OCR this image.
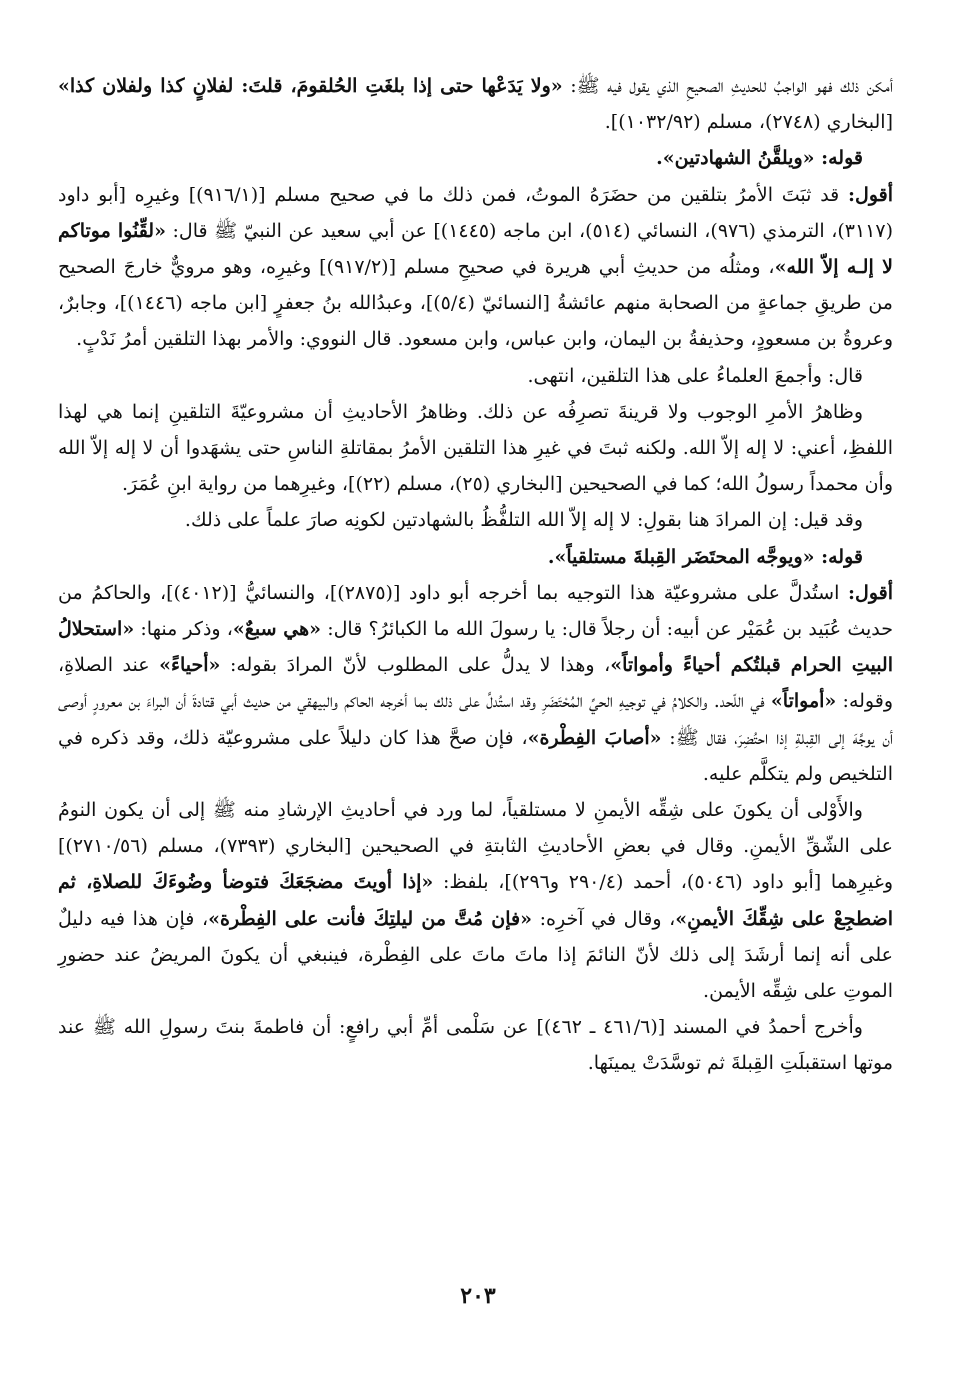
أمكن ذلك فهو الواجبُ للحديثِ الصحيحِ الذي يقول فيه ﷺ: «ولا يَدَعْها حتى إذا بلغَتِ الحُلقومَ، قلتَ: لفلانٍ كذا ولفلان كذا» [البخاري (٢٧٤٨)، مسلم (١٠٣٢/٩٢)].

قوله: «ويلقَّنُ الشهادتين».

أقول: قد ثبَتَ الأمرُ بتلقين من حضَرَهُ الموتُ، فمن ذلك ما في صحيح مسلم [(٩١٦/١)] وغيرِه [أبو داود (٣١١٧)، الترمذي (٩٧٦)، النسائي (٥١٤)، ابن ماجه (١٤٤٥)] عن أبي سعيد عن النبيّ ﷺ قال: «لقِّنُوا موتاكم لا إلـه إلاّ الله»، ومثلُه من حديثِ أبي هريرة في صحيحِ مسلم [(٩١٧/٢)] وغيرِه، وهو مرويٌّ خارجَ الصحيح من طريقِ جماعةٍ من الصحابة منهم عائشةُ [النسائيّ (٥/٤)]، وعبدُالله بنُ جعفرٍ [ابن ماجه (١٤٤٦)]، وجابرٌ، وعروةُ بن مسعودٍ، وحذيفةُ بن اليمان، وابن عباس، وابن مسعود. قال النووي: والأمر بهذا التلقين أمرُ نَدْبٍ.

قال: وأجمعَ العلماءُ على هذا التلقين، انتهى.

وظاهرُ الأمرِ الوجوب ولا قرينةَ تصرِفُه عن ذلك. وظاهرُ الأحاديثِ أن مشروعيّةَ التلقينِ إنما هي لهذا اللفظِ، أعني: لا إله إلاّ الله. ولكنه ثبتَ في غيرِ هذا التلقين الأمرُ بمقاتلةِ الناسِ حتى يشهَدوا أن لا إله إلاّ الله وأن محمداً رسولُ الله؛ كما في الصحيحين [البخاري (٢٥)، مسلم (٢٢)]، وغيرِهما من رواية ابنِ عُمَرَ.

وقد قيل: إن المرادَ هنا بقولِ: لا إله إلاّ الله التلفُّظُ بالشهادتين لكونِه صارَ علماً على ذلك.

قوله: «ويوجَّه المحتَضَر القِبلةَ مستلقياً».

أقول: استُدلَّ على مشروعيّة هذا التوجيه بما أخرجه أبو داود [(٢٨٧٥)]، والنسائيُّ [(٤٠١٢)]، والحاكمُ من حديث عُبَيد بن عُمَيْر عن أبيه: أن رجلاً قال: يا رسولَ الله ما الكبائرُ؟ قال: «هي سبعٌ»، وذكر منها: «استحلالُ البيتِ الحرام قبلتُكم أحياءً وأمواتاً»، وهذا لا يدلُّ على المطلوب لأنّ المرادَ بقوله: «أحياءً» عند الصلاةِ، وقوله: «أمواتاً» في اللّحد. والكلامُ في توجيهِ الحيِّ المُحْتَضَرِ وقد استُدلَّ على ذلك بما أخرجه الحاكم والبيهقي من حديث أبي قتادةَ أن البراءَ بن معرورٍ أوصى أن يوجَّهَ إلى القِبلةِ إذا احتُضِرَ، فقال ﷺ: «أصابَ الفِطْرة»، فإن صحَّ هذا كان دليلاً على مشروعيّة ذلك، وقد ذكره في التلخيص ولم يتكلَّم عليه.

والأَوْلى أن يكونَ على شِقِّه الأيمنِ لا مستلقياً، لما ورد في أحاديثِ الإرشادِ منه ﷺ إلى أن يكون النومُ على الشّقِّ الأيمنِ. وقال في بعضِ الأحاديثِ الثابتةِ في الصحيحين [البخاري (٧٣٩٣)، مسلم (٢٧١٠/٥٦)] وغيرِهما [أبو داود (٥٠٤٦)، أحمد (٢٩٠/٤ و٢٩٦)]، بلفظ: «إذا أويتَ مضجَعَكَ فتوضأ وضُوءَكَ للصلاةِ، ثم اضطجِعْ على شِقِّكَ الأيمنِ»، وقال في آخرِه: «فإن مُتَّ من ليلتِكَ فأنت على الفِطْرة»، فإن هذا فيه دليلٌ على أنه إنما أرشَدَ إلى ذلك لأنّ النائمَ إذا ماتَ ماتَ على الفِطْرة، فينبغي أن يكونَ المريضُ عند حضورِ الموتِ على شِقِّه الأيمن.

وأخرج أحمدُ في المسند [(٤٦١/٦ ـ ٤٦٢)] عن سَلْمى أمِّ أبي رافعٍ: أن فاطمةَ بنتَ رسولِ الله ﷺ عند موتها استقبلَتِ القِبلةَ ثم توسَّدَتْ يمينَها.

٢٠٣
